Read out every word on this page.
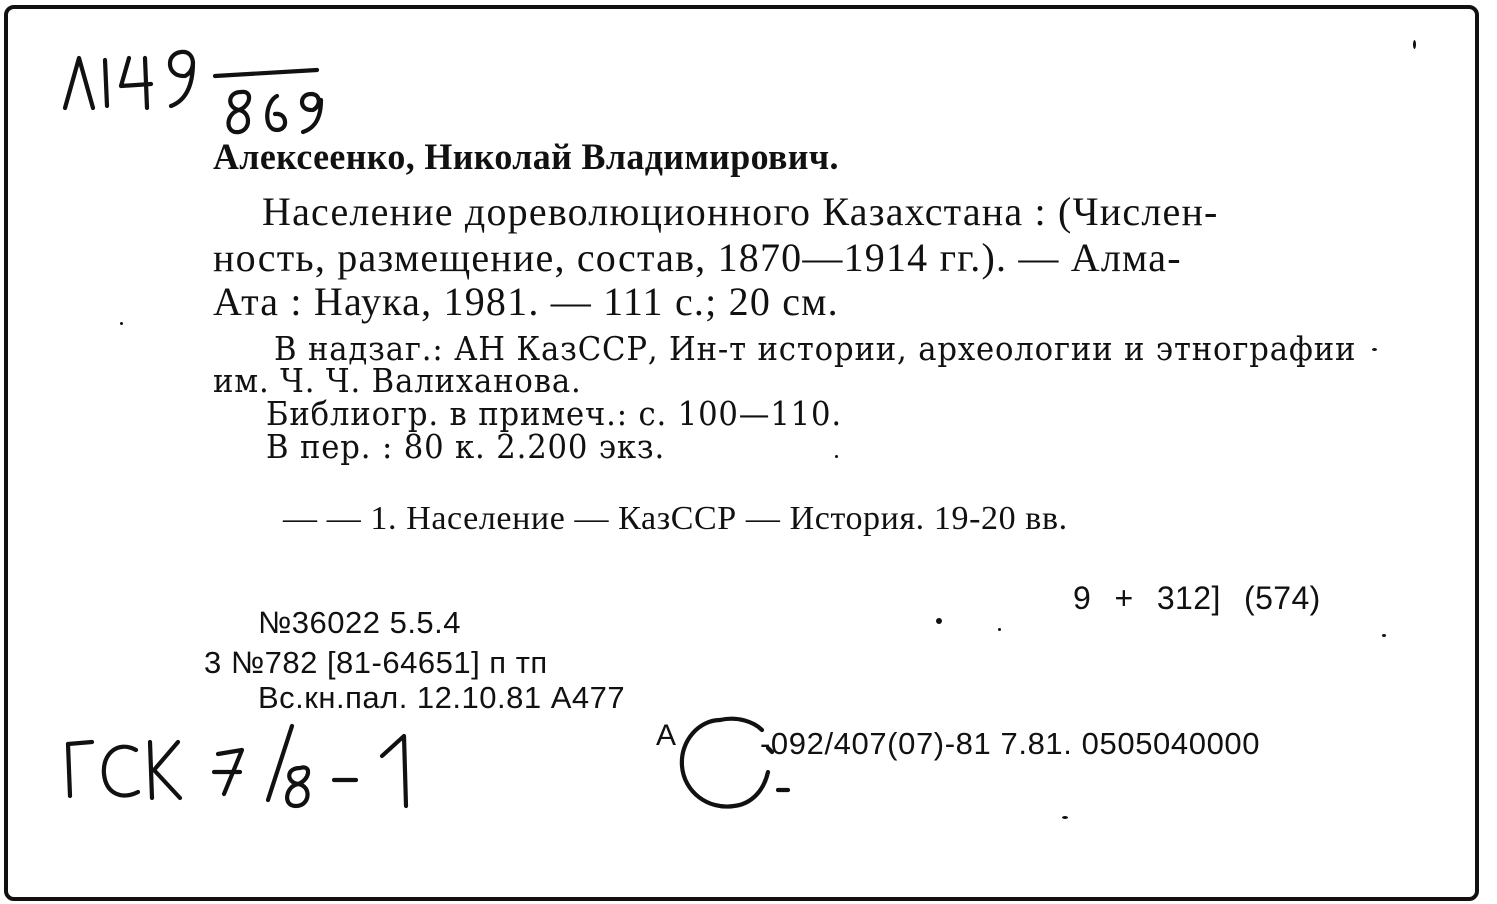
Алексеенко, Николай Владимирович.
Население дореволюционного Казахстана : (Числен-
ность, размещение, состав, 1870—1914 гг.). — Алма-
Ата : Наука, 1981. — 111 с.; 20 см.
В надзаг.: АН КазССР, Ин-т истории, археологии и этнографии
им. Ч. Ч. Валиханова.
Библиогр. в примеч.: с. 100—110.
В пер. : 80 к. 2.200 экз.
— — 1. Население — КазССР — История. 19-20 вв.
9 + 312] (574)
№36022 5.5.4
3 №782 [81-64651] п тп
Вс.кн.пал. 12.10.81 А477
А	-092/407(07)-81 7.81. 0505040000
